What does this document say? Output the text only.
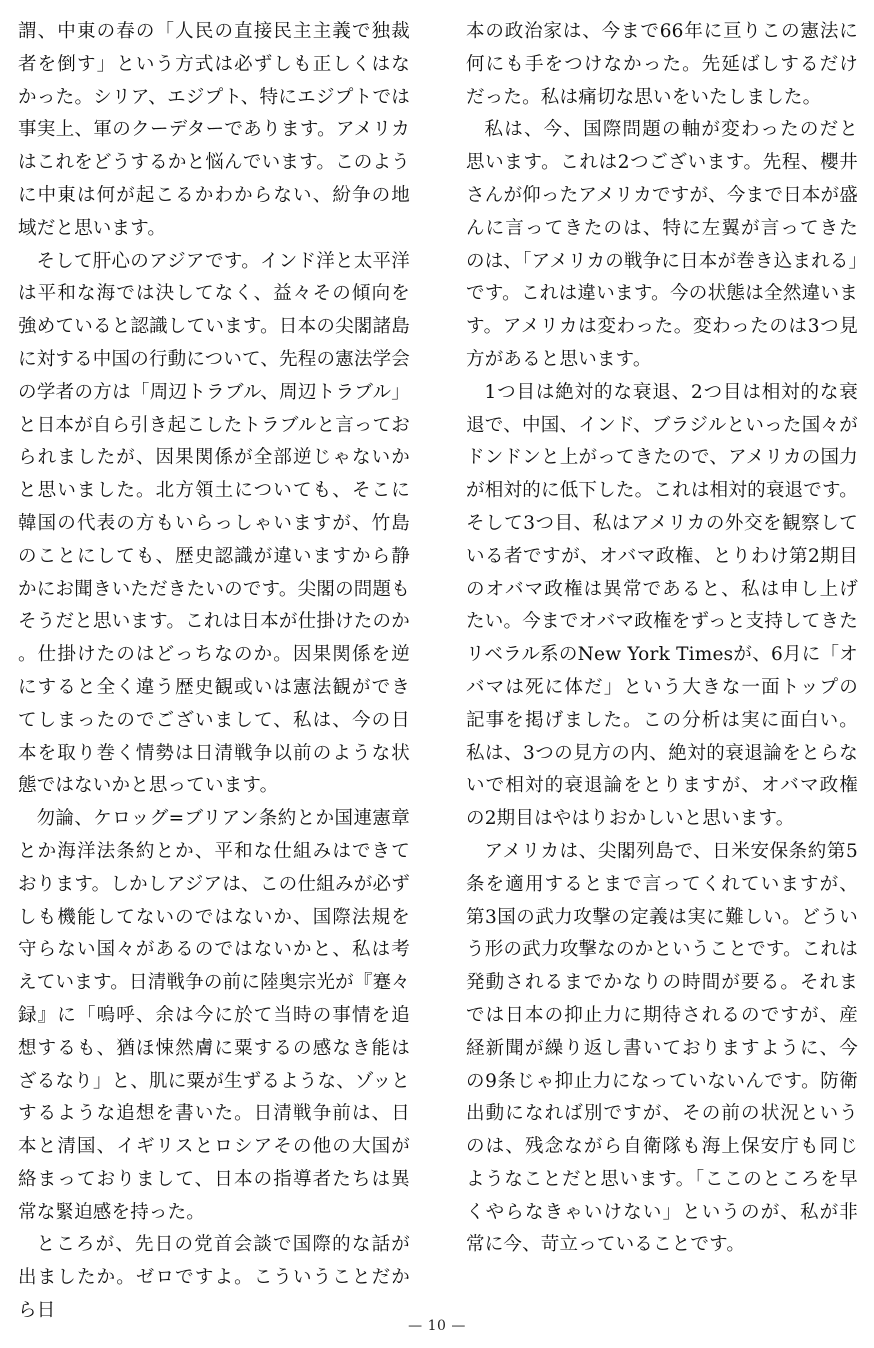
謂、中東の春の「人民の直接民主主義で独裁者を倒す」という方式は必ずしも正しくはなかった。シリア、エジプト、特にエジプトでは事実上、軍のクーデターであります。アメリカはこれをどうするかと悩んでいます。このように中東は何が起こるかわからない、紛争の地域だと思います。

そして肝心のアジアです。インド洋と太平洋は平和な海では決してなく、益々その傾向を強めていると認識しています。日本の尖閣諸島に対する中国の行動について、先程の憲法学会の学者の方は「周辺トラブル、周辺トラブル」と日本が自ら引き起こしたトラブルと言っておられましたが、因果関係が全部逆じゃないかと思いました。北方領土についても、そこに韓国の代表の方もいらっしゃいますが、竹島のことにしても、歴史認識が違いますから静かにお聞きいただきたいのです。尖閣の問題もそうだと思います。これは日本が仕掛けたのか。仕掛けたのはどっちなのか。因果関係を逆にすると全く違う歴史観或いは憲法観ができてしまったのでございまして、私は、今の日本を取り巻く情勢は日清戦争以前のような状態ではないかと思っています。

勿論、ケロッグ=ブリアン条約とか国連憲章とか海洋法条約とか、平和な仕組みはできております。しかしアジアは、この仕組みが必ずしも機能してないのではないか、国際法規を守らない国々があるのではないかと、私は考えています。日清戦争の前に陸奥宗光が『蹇々録』に「嗚呼、余は今に於て当時の事情を追想するも、猶ほ悚然膚に粟するの感なき能はざるなり」と、肌に粟が生ずるような、ゾッとするような追想を書いた。日清戦争前は、日本と清国、イギリスとロシアその他の大国が絡まっておりまして、日本の指導者たちは異常な緊迫感を持った。

ところが、先日の党首会談で国際的な話が出ましたか。ゼロですよ。こういうことだから日

本の政治家は、今まで66年に亘りこの憲法に何にも手をつけなかった。先延ばしするだけだった。私は痛切な思いをいたしました。

私は、今、国際問題の軸が変わったのだと思います。これは2つございます。先程、櫻井さんが仰ったアメリカですが、今まで日本が盛んに言ってきたのは、特に左翼が言ってきたのは、「アメリカの戦争に日本が巻き込まれる」です。これは違います。今の状態は全然違います。アメリカは変わった。変わったのは3つ見方があると思います。

1つ目は絶対的な衰退、2つ目は相対的な衰退で、中国、インド、ブラジルといった国々がドンドンと上がってきたので、アメリカの国力が相対的に低下した。これは相対的衰退です。そして3つ目、私はアメリカの外交を観察している者ですが、オバマ政権、とりわけ第2期目のオバマ政権は異常であると、私は申し上げたい。今までオバマ政権をずっと支持してきたリベラル系のNew York Timesが、6月に「オバマは死に体だ」という大きな一面トップの記事を掲げました。この分析は実に面白い。私は、3つの見方の内、絶対的衰退論をとらないで相対的衰退論をとりますが、オバマ政権の2期目はやはりおかしいと思います。

アメリカは、尖閣列島で、日米安保条約第5条を適用するとまで言ってくれていますが、第3国の武力攻撃の定義は実に難しい。どういう形の武力攻撃なのかということです。これは発動されるまでかなりの時間が要る。それまでは日本の抑止力に期待されるのですが、産経新聞が繰り返し書いておりますように、今の9条じゃ抑止力になっていないんです。防衛出動になれば別ですが、その前の状況というのは、残念ながら自衛隊も海上保安庁も同じようなことだと思います。「ここのところを早くやらなきゃいけない」というのが、私が非常に今、苛立っていることです。

— 10 —
